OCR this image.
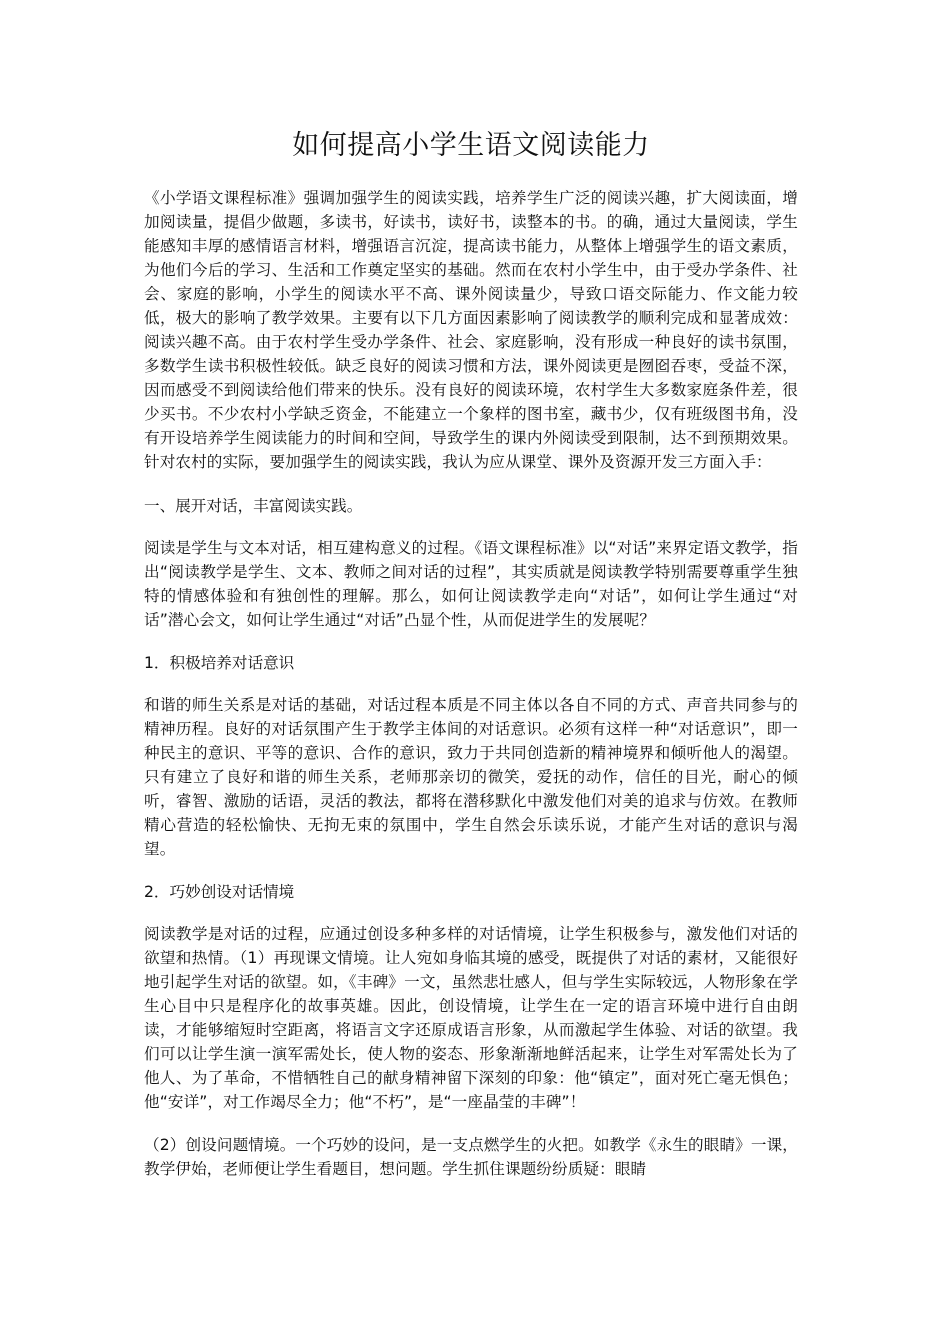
如何提高小学生语文阅读能力

《小学语文课程标准》强调加强学生的阅读实践，培养学生广泛的阅读兴趣，扩大阅读面，增加阅读量，提倡少做题，多读书，好读书，读好书，读整本的书。的确，通过大量阅读，学生能感知丰厚的感情语言材料，增强语言沉淀，提高读书能力，从整体上增强学生的语文素质，为他们今后的学习、生活和工作奠定坚实的基础。然而在农村小学生中，由于受办学条件、社会、家庭的影响，小学生的阅读水平不高、课外阅读量少，导致口语交际能力、作文能力较低，极大的影响了教学效果。主要有以下几方面因素影响了阅读教学的顺利完成和显著成效：阅读兴趣不高。由于农村学生受办学条件、社会、家庭影响，没有形成一种良好的读书氛围，多数学生读书积极性较低。缺乏良好的阅读习惯和方法，课外阅读更是囫囵吞枣，受益不深，因而感受不到阅读给他们带来的快乐。没有良好的阅读环境，农村学生大多数家庭条件差，很少买书。不少农村小学缺乏资金，不能建立一个象样的图书室，藏书少，仅有班级图书角，没有开设培养学生阅读能力的时间和空间，导致学生的课内外阅读受到限制，达不到预期效果。针对农村的实际，要加强学生的阅读实践，我认为应从课堂、课外及资源开发三方面入手：

一、展开对话，丰富阅读实践。

阅读是学生与文本对话，相互建构意义的过程。《语文课程标准》以“对话”来界定语文教学，指出“阅读教学是学生、文本、教师之间对话的过程”，其实质就是阅读教学特别需要尊重学生独特的情感体验和有独创性的理解。那么，如何让阅读教学走向“对话”，如何让学生通过“对话”潜心会文，如何让学生通过“对话”凸显个性，从而促进学生的发展呢？

1．积极培养对话意识

和谐的师生关系是对话的基础，对话过程本质是不同主体以各自不同的方式、声音共同参与的精神历程。良好的对话氛围产生于教学主体间的对话意识。必须有这样一种“对话意识”，即一种民主的意识、平等的意识、合作的意识，致力于共同创造新的精神境界和倾听他人的渴望。只有建立了良好和谐的师生关系，老师那亲切的微笑，爱抚的动作，信任的目光，耐心的倾听，睿智、激励的话语，灵活的教法，都将在潜移默化中激发他们对美的追求与仿效。在教师精心营造的轻松愉快、无拘无束的氛围中，学生自然会乐读乐说，才能产生对话的意识与渴望。

2．巧妙创设对话情境

阅读教学是对话的过程，应通过创设多种多样的对话情境，让学生积极参与，激发他们对话的欲望和热情。（1）再现课文情境。让人宛如身临其境的感受，既提供了对话的素材，又能很好地引起学生对话的欲望。如，《丰碑》一文，虽然悲壮感人，但与学生实际较远，人物形象在学生心目中只是程序化的故事英雄。因此，创设情境，让学生在一定的语言环境中进行自由朗读，才能够缩短时空距离，将语言文字还原成语言形象，从而激起学生体验、对话的欲望。我们可以让学生演一演军需处长，使人物的姿态、形象渐渐地鲜活起来，让学生对军需处长为了他人、为了革命，不惜牺牲自己的献身精神留下深刻的印象：他“镇定”，面对死亡毫无惧色；他“安详”，对工作竭尽全力；他“不朽”，是“一座晶莹的丰碑”！

（2）创设问题情境。一个巧妙的设问，是一支点燃学生的火把。如教学《永生的眼睛》一课，教学伊始，老师便让学生看题目，想问题。学生抓住课题纷纷质疑：眼睛
